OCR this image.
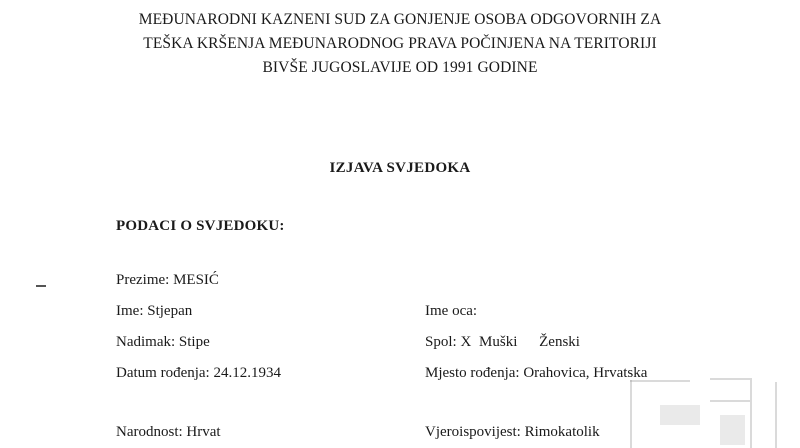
MEĐUNARODNI KAZNENI SUD ZA GONJENJE OSOBA ODGOVORNIH ZA
TEŠKA KRŠENJA MEĐUNARODNOG PRAVA POČINJENA NA TERITORIJI
BIVŠE JUGOSLAVIJE OD 1991 GODINE
IZJAVA SVJEDOKA
PODACI O SVJEDOKU:
Prezime: MESIĆ
Ime: Stjepan
Nadimak: Stipe
Datum rođenja: 24.12.1934
Narodnost: Hrvat
Ime oca:
Spol: X Muški Ženski
Mjesto rođenja: Orahovica, Hrvatska
Vjeroispovijest: Rimokatolik
